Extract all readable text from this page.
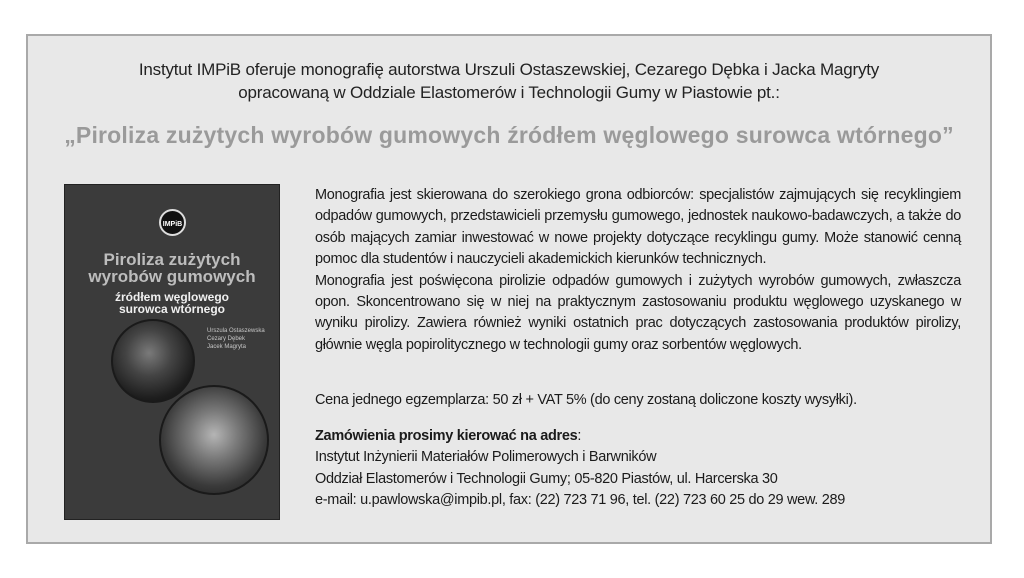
Instytut IMPiB oferuje monografię autorstwa Urszuli Ostaszewskiej, Cezarego Dębka i Jacka Magryty
opracowaną w Oddziale Elastomerów i Technologii Gumy w Piastowie pt.:
„Piroliza zużytych wyrobów gumowych źródłem węglowego surowca wtórnego”
IMPiB
Piroliza zużytych
wyrobów gumowych
źródłem węglowego
surowca wtórnego
Urszula Ostaszewska
Cezary Dębek
Jacek Magryta

Monografia jest skierowana do szerokiego grona odbiorców: specjalistów zajmujących się recyklingiem odpadów gumowych, przedstawicieli przemysłu gumowego, jednostek naukowo-badawczych, a także do osób mających zamiar inwestować w nowe projekty dotyczące recyklingu gumy. Może stanowić cenną pomoc dla studentów i nauczycieli akademickich kierunków technicznych.

Monografia jest poświęcona pirolizie odpadów gumowych i zużytych wyrobów gumowych, zwłaszcza opon. Skoncentrowano się w niej na praktycznym zastosowaniu produktu węglowego uzyskanego w wyniku pirolizy. Zawiera również wyniki ostatnich prac dotyczących zastosowania produktów pirolizy, głównie węgla popirolitycznego w technologii gumy oraz sorbentów węglowych.

Cena jednego egzemplarza: 50 zł + VAT 5% (do ceny zostaną doliczone koszty wysyłki).
Zamówienia prosimy kierować na adres:
Instytut Inżynierii Materiałów Polimerowych i Barwników
Oddział Elastomerów i Technologii Gumy; 05-820 Piastów, ul. Harcerska 30
e-mail: u.pawlowska@impib.pl, fax: (22) 723 71 96, tel. (22) 723 60 25 do 29 wew. 289
